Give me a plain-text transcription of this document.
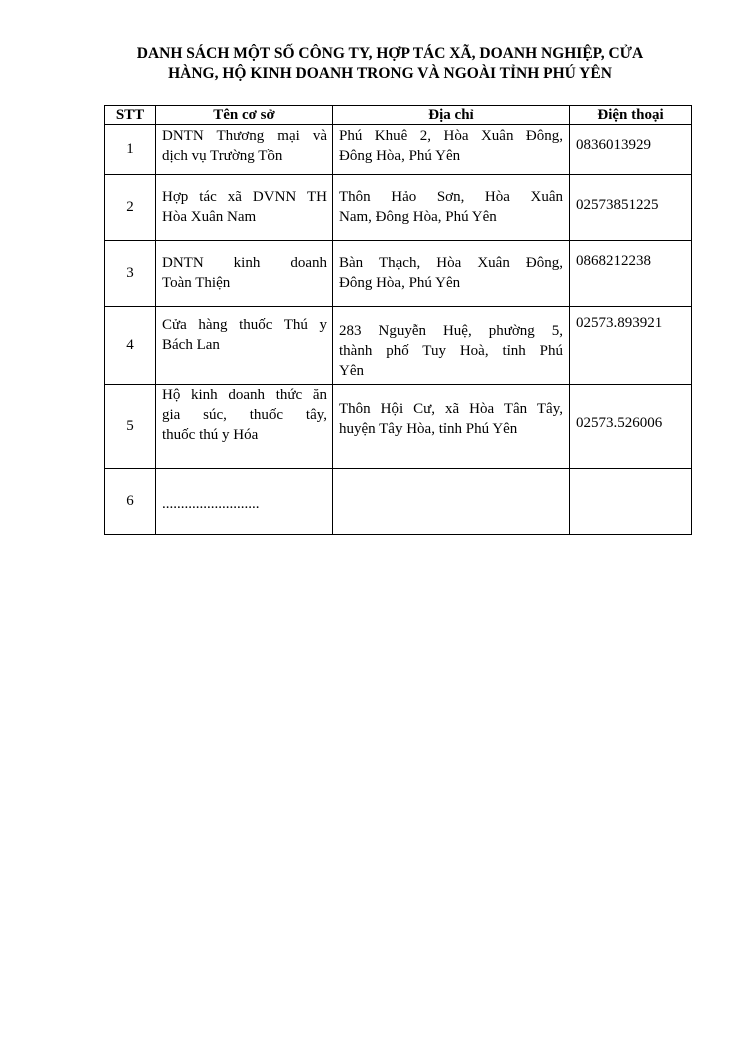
DANH SÁCH MỘT SỐ CÔNG TY, HỢP TÁC XÃ, DOANH NGHIỆP, CỬA
HÀNG, HỘ KINH DOANH TRONG VÀ NGOÀI TỈNH PHÚ YÊN
STT	Tên cơ sở	Địa chỉ	Điện thoại
1	DNTN Thương mại và
dịch vụ Trường Tồn	Phú Khuê 2, Hòa Xuân Đông,
Đông Hòa, Phú Yên	0836013929
2	Hợp tác xã DVNN TH
Hòa Xuân Nam	Thôn Hảo Sơn, Hòa Xuân
Nam, Đông Hòa, Phú Yên	02573851225
3	DNTN kinh doanh
Toàn Thiện	Bàn Thạch, Hòa Xuân Đông,
Đông Hòa, Phú Yên	0868212238
4	Cửa hàng thuốc Thú y
Bách Lan	283 Nguyễn Huệ, phường 5,
thành phố Tuy Hoà, tỉnh Phú
Yên	02573.893921
5	Hộ kinh doanh thức ăn
gia súc, thuốc tây,
thuốc thú y Hóa	Thôn Hội Cư, xã Hòa Tân Tây,
huyện Tây Hòa, tỉnh Phú Yên	02573.526006
6	..........................		
